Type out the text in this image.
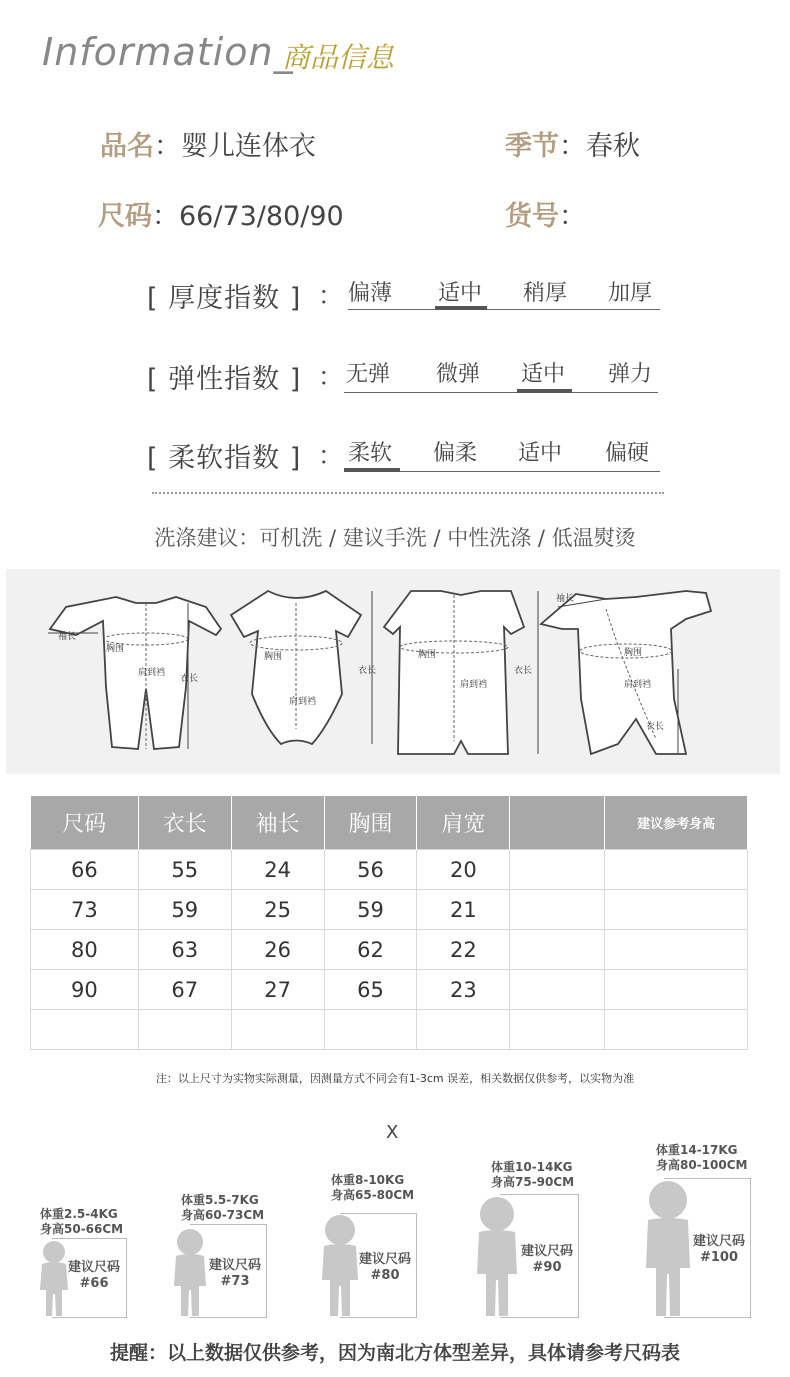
Information_
商品信息
品名：婴儿连体衣	季节：春秋
尺码：66/73/80/90	货号：
[ 厚度指数 ] ： 偏薄	适中	稍厚	加厚
[ 弹性指数 ] ： 无弹	微弹	适中	弹力
[ 柔软指数 ] ： 柔软	偏柔	适中	偏硬
洗涤建议：可机洗 / 建议手洗 / 中性洗涤 / 低温熨烫
袖长
胸围
肩到裆
衣长
胸围
肩到裆
衣长
胸围
肩到裆
衣长
袖长
胸围
肩到裆
衣长
尺码	衣长	袖长	胸围	肩宽		建议参考身高
66	55	24	56	20		
73	59	25	59	21		
80	63	26	62	22		
90	67	27	65	23		

注：以上尺寸为实物实际测量，因测量方式不同会有1-3cm 误差，相关数据仅供参考，以实物为准
X
体重2.5-4KG
身高50-66CM
建议尺码
#66
体重5.5-7KG
身高60-73CM
建议尺码
#73
体重8-10KG
身高65-80CM
建议尺码
#80
体重10-14KG
身高75-90CM
建议尺码
#90
体重14-17KG
身高80-100CM
建议尺码
#100
提醒：以上数据仅供参考，因为南北方体型差异，具体请参考尺码表
